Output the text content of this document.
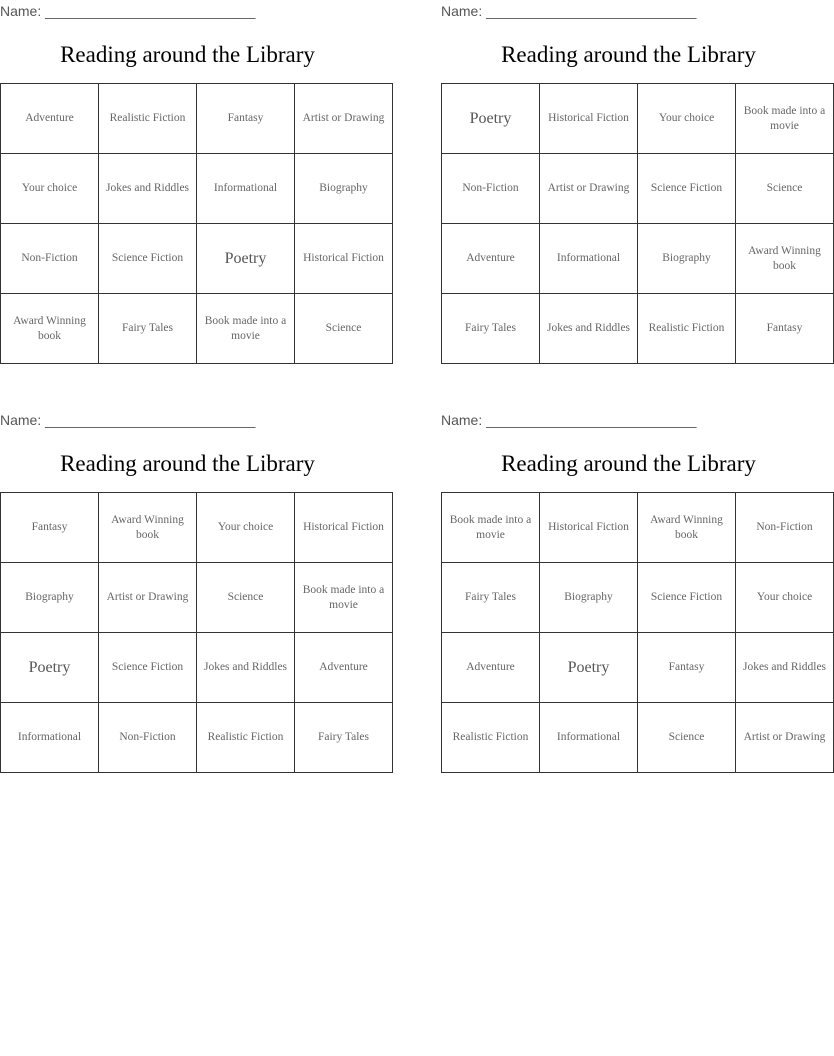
Name: ___________________________
Reading around the Library
Adventure	Realistic Fiction	Fantasy	Artist or Drawing
Your choice	Jokes and Riddles	Informational	Biography
Non-Fiction	Science Fiction	Poetry	Historical Fiction
Award Winning book	Fairy Tales	Book made into a movie	Science
Name: ___________________________
Reading around the Library
Poetry	Historical Fiction	Your choice	Book made into a movie
Non-Fiction	Artist or Drawing	Science Fiction	Science
Adventure	Informational	Biography	Award Winning book
Fairy Tales	Jokes and Riddles	Realistic Fiction	Fantasy
Name: ___________________________
Reading around the Library
Fantasy	Award Winning book	Your choice	Historical Fiction
Biography	Artist or Drawing	Science	Book made into a movie
Poetry	Science Fiction	Jokes and Riddles	Adventure
Informational	Non-Fiction	Realistic Fiction	Fairy Tales
Name: ___________________________
Reading around the Library
Book made into a movie	Historical Fiction	Award Winning book	Non-Fiction
Fairy Tales	Biography	Science Fiction	Your choice
Adventure	Poetry	Fantasy	Jokes and Riddles
Realistic Fiction	Informational	Science	Artist or Drawing
